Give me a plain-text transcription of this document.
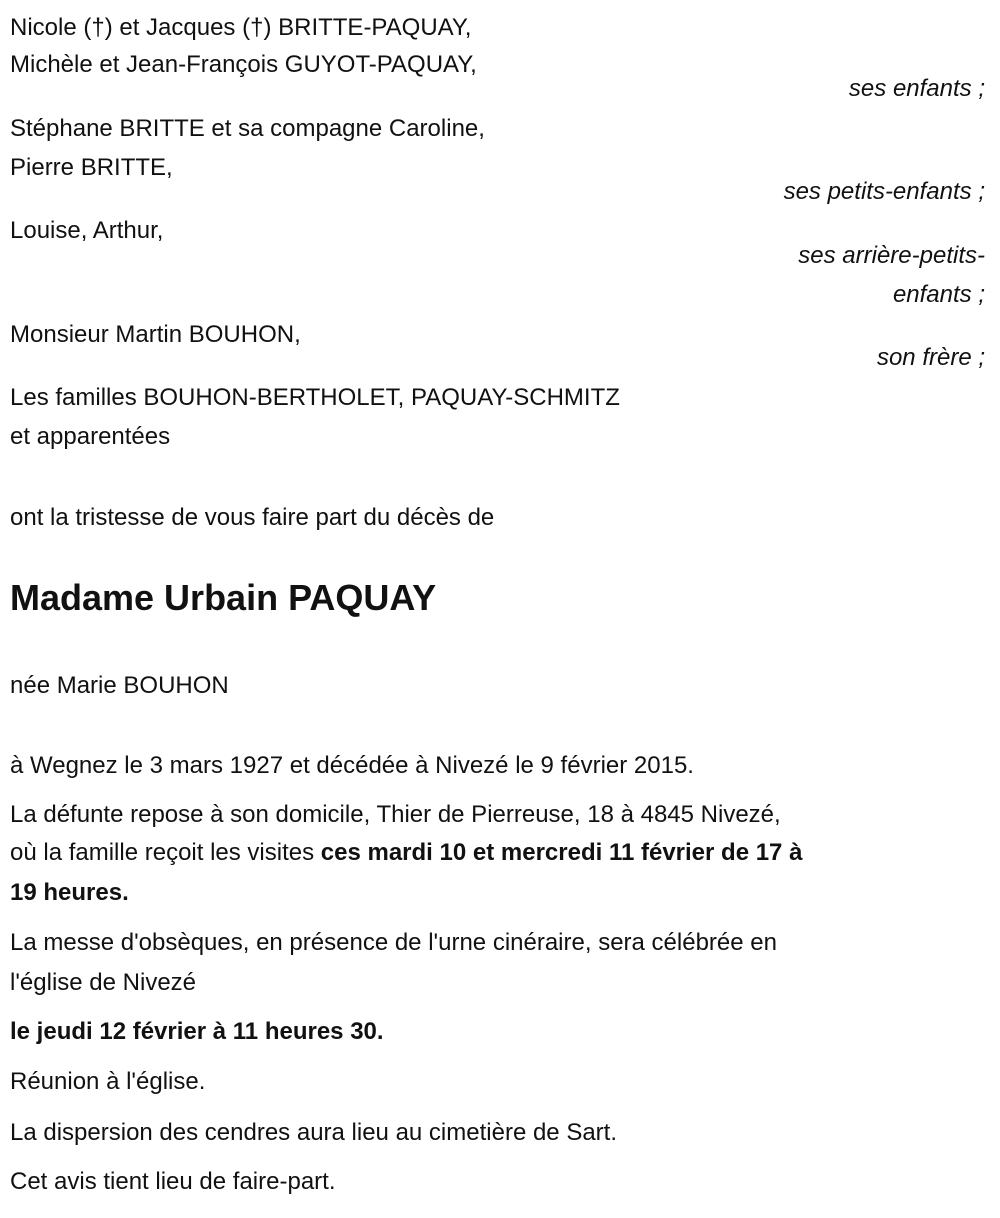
Nicole (†) et Jacques (†) BRITTE-PAQUAY,
Michèle et Jean-François GUYOT-PAQUAY,
ses enfants ;
Stéphane BRITTE et sa compagne Caroline,
Pierre BRITTE,
ses petits-enfants ;
Louise, Arthur,
ses arrière-petits-
enfants ;
Monsieur Martin BOUHON,
son frère ;
Les familles BOUHON-BERTHOLET, PAQUAY-SCHMITZ
et apparentées
ont la tristesse de vous faire part du décès de
Madame Urbain PAQUAY
née Marie BOUHON
à Wegnez le 3 mars 1927 et décédée à Nivezé le 9 février 2015.
La défunte repose à son domicile, Thier de Pierreuse, 18 à 4845 Nivezé,
où la famille reçoit les visites ces mardi 10 et mercredi 11 février de 17 à
19 heures.
La messe d'obsèques, en présence de l'urne cinéraire, sera célébrée en
l'église de Nivezé
le jeudi 12 février à 11 heures 30.
Réunion à l'église.
La dispersion des cendres aura lieu au cimetière de Sart.
Cet avis tient lieu de faire-part.
